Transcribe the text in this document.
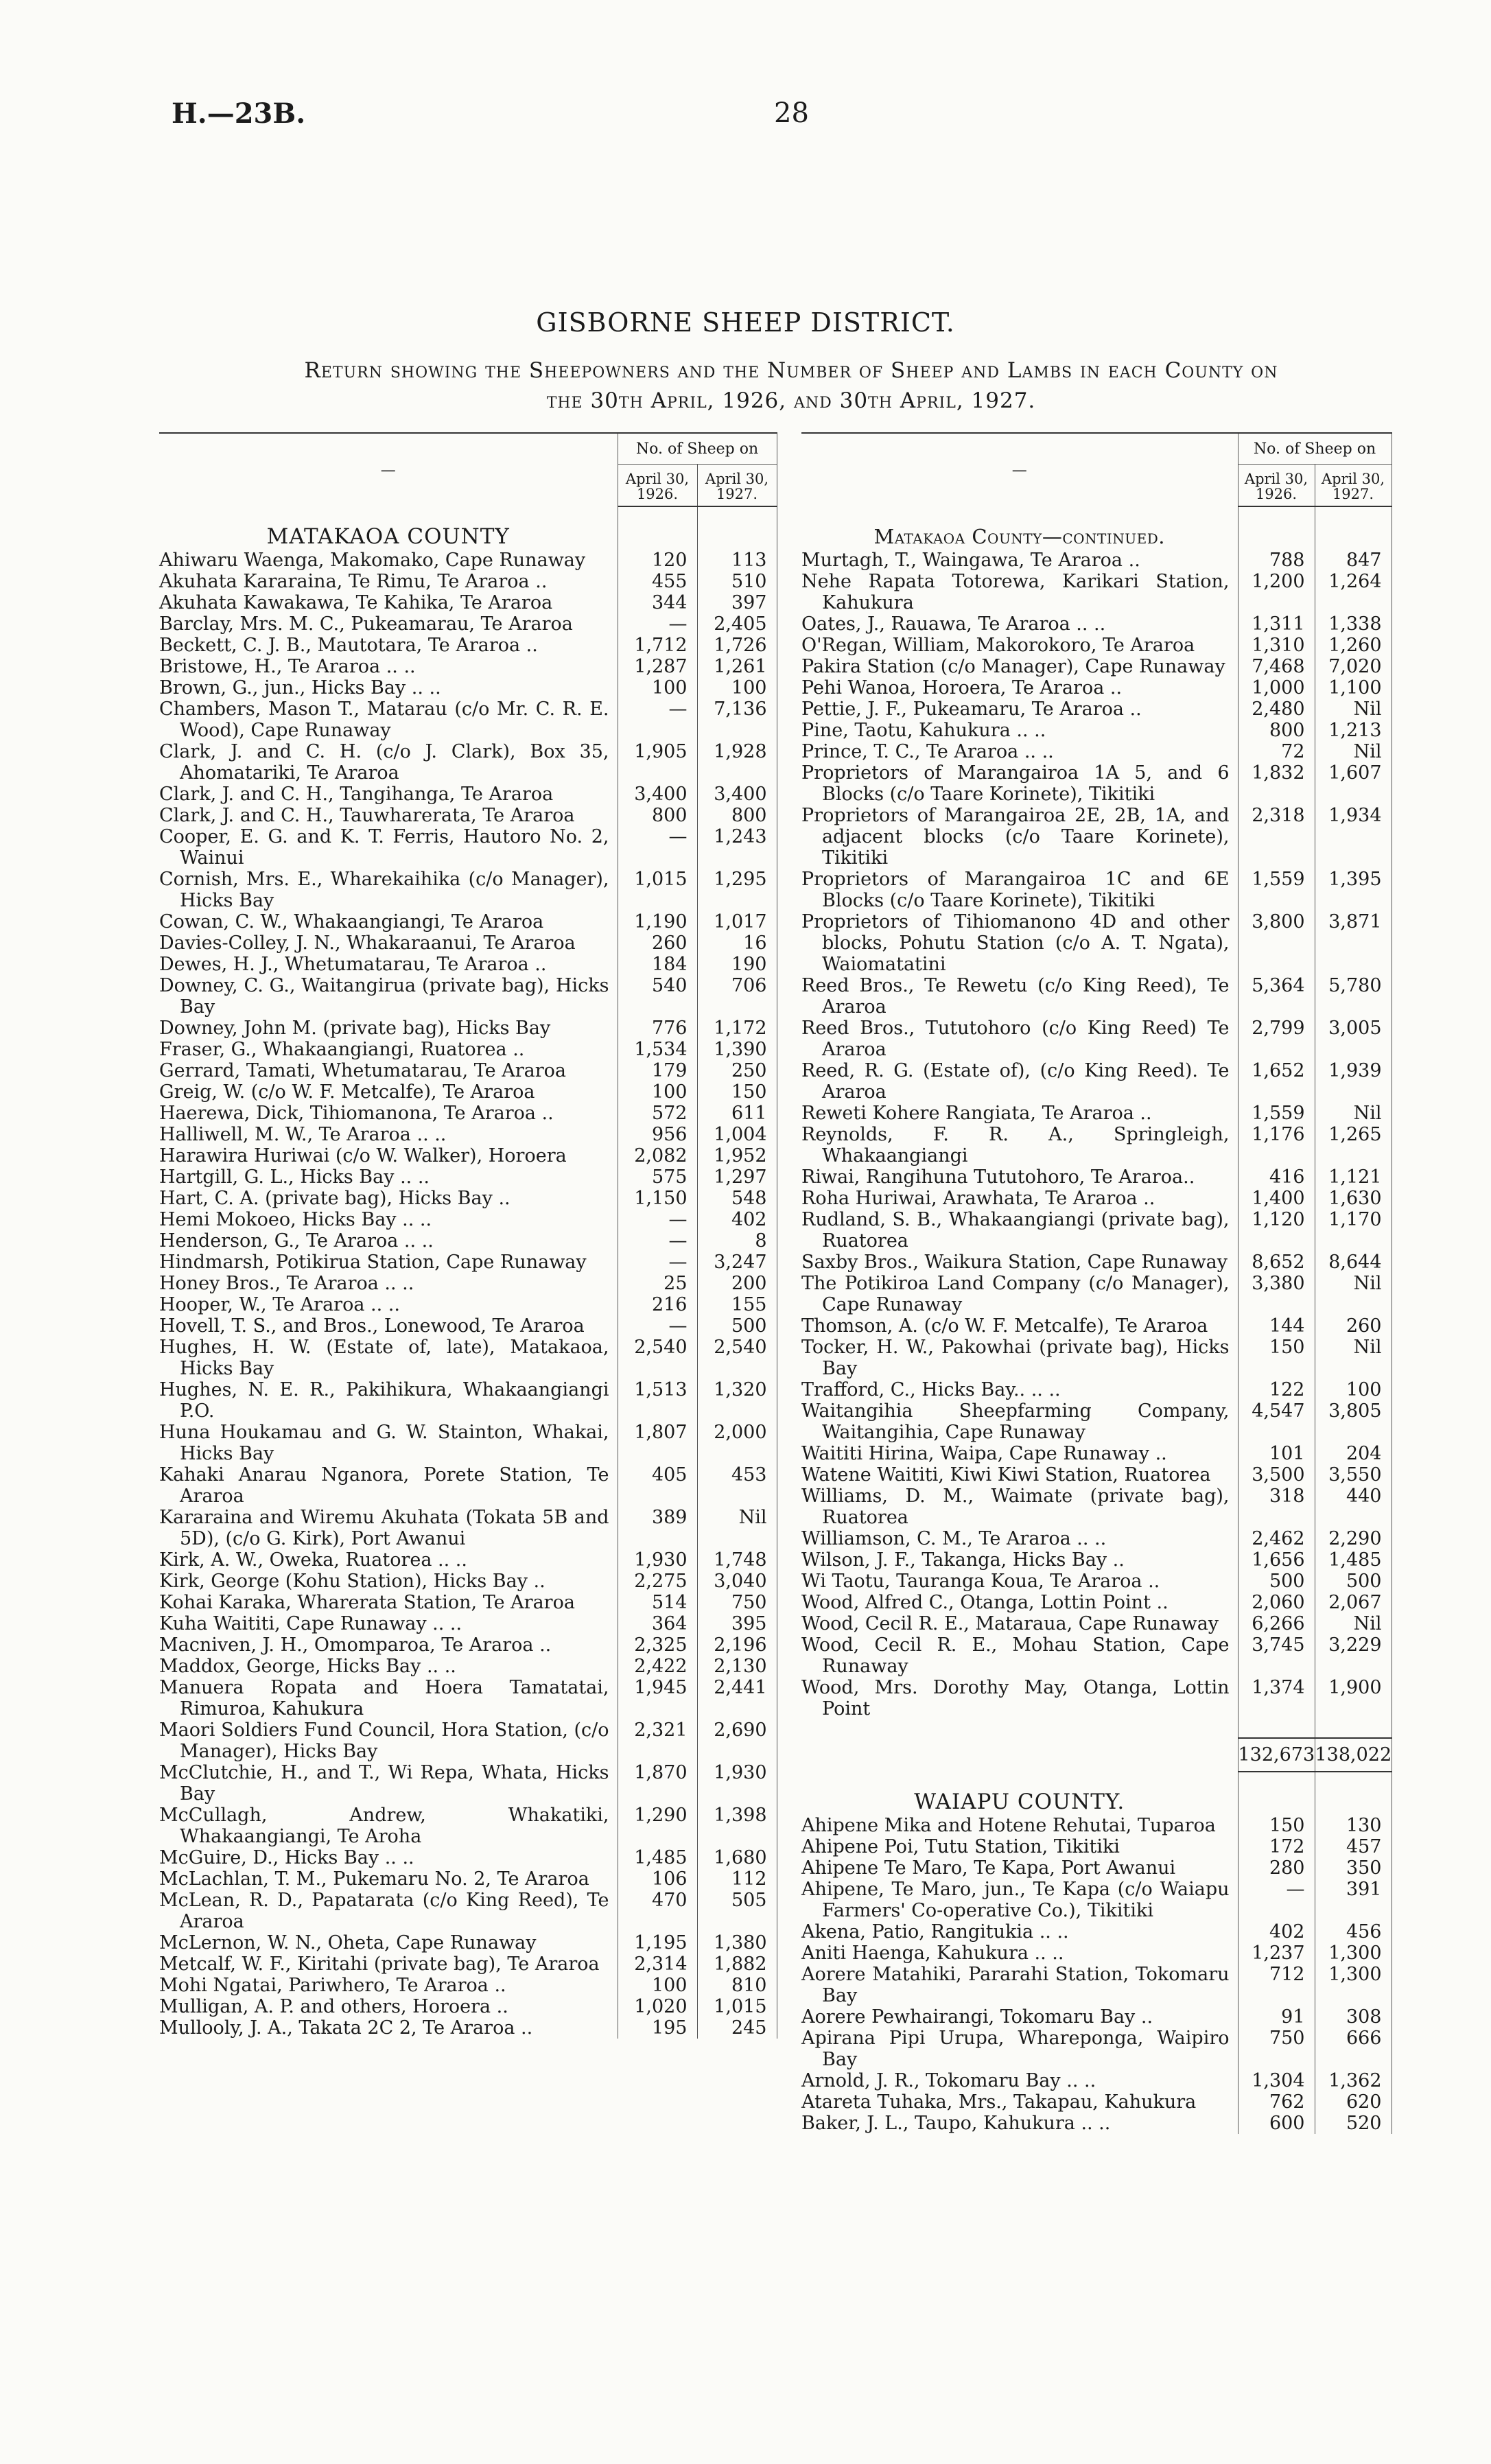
H.—23B.	28
GISBORNE SHEEP DISTRICT.
Return showing the Sheepowners and the Number of Sheep and Lambs in each County on
the 30th April, 1926, and 30th April, 1927.
—	No. of Sheep on	
	April 30, 1926.	April 30, 1927.

MATAKAOA COUNTY		
Ahiwaru Waenga, Makomako, Cape Runaway	120	113
Akuhata Kararaina, Te Rimu, Te Araroa ..	455	510
Akuhata Kawakawa, Te Kahika, Te Araroa	344	397
Barclay, Mrs. M. C., Pukeamarau, Te Araroa	—	2,405
Beckett, C. J. B., Mautotara, Te Araroa ..	1,712	1,726
Bristowe, H., Te Araroa .. ..	1,287	1,261
Brown, G., jun., Hicks Bay .. ..	100	100
Chambers, Mason T., Matarau (c/o Mr. C. R. E. Wood), Cape Runaway	—	7,136
Clark, J. and C. H. (c/o J. Clark), Box 35, Ahomatariki, Te Araroa	1,905	1,928
Clark, J. and C. H., Tangihanga, Te Araroa	3,400	3,400
Clark, J. and C. H., Tauwharerata, Te Araroa	800	800
Cooper, E. G. and K. T. Ferris, Hautoro No. 2, Wainui	—	1,243
Cornish, Mrs. E., Wharekaihika (c/o Manager), Hicks Bay	1,015	1,295
Cowan, C. W., Whakaangiangi, Te Araroa	1,190	1,017
Davies-Colley, J. N., Whakaraanui, Te Araroa	260	16
Dewes, H. J., Whetumatarau, Te Araroa ..	184	190
Downey, C. G., Waitangirua (private bag), Hicks Bay	540	706
Downey, John M. (private bag), Hicks Bay	776	1,172
Fraser, G., Whakaangiangi, Ruatorea ..	1,534	1,390
Gerrard, Tamati, Whetumatarau, Te Araroa	179	250
Greig, W. (c/o W. F. Metcalfe), Te Araroa	100	150
Haerewa, Dick, Tihiomanona, Te Araroa ..	572	611
Halliwell, M. W., Te Araroa .. ..	956	1,004
Harawira Huriwai (c/o W. Walker), Horoera	2,082	1,952
Hartgill, G. L., Hicks Bay .. ..	575	1,297
Hart, C. A. (private bag), Hicks Bay ..	1,150	548
Hemi Mokoeo, Hicks Bay .. ..	—	402
Henderson, G., Te Araroa .. ..	—	8
Hindmarsh, Potikirua Station, Cape Runaway	—	3,247
Honey Bros., Te Araroa .. ..	25	200
Hooper, W., Te Araroa .. ..	216	155
Hovell, T. S., and Bros., Lonewood, Te Araroa	—	500
Hughes, H. W. (Estate of, late), Matakaoa, Hicks Bay	2,540	2,540
Hughes, N. E. R., Pakihikura, Whakaangiangi P.O.	1,513	1,320
Huna Houkamau and G. W. Stainton, Whakai, Hicks Bay	1,807	2,000
Kahaki Anarau Nganora, Porete Station, Te Araroa	405	453
Kararaina and Wiremu Akuhata (Tokata 5B and 5D), (c/o G. Kirk), Port Awanui	389	Nil
Kirk, A. W., Oweka, Ruatorea .. ..	1,930	1,748
Kirk, George (Kohu Station), Hicks Bay ..	2,275	3,040
Kohai Karaka, Wharerata Station, Te Araroa	514	750
Kuha Waititi, Cape Runaway .. ..	364	395
Macniven, J. H., Omomparoa, Te Araroa ..	2,325	2,196
Maddox, George, Hicks Bay .. ..	2,422	2,130
Manuera Ropata and Hoera Tamatatai, Rimuroa, Kahukura	1,945	2,441
Maori Soldiers Fund Council, Hora Station, (c/o Manager), Hicks Bay	2,321	2,690
McClutchie, H., and T., Wi Repa, Whata, Hicks Bay	1,870	1,930
McCullagh, Andrew, Whakatiki, Whakaangiangi, Te Aroha	1,290	1,398
McGuire, D., Hicks Bay .. ..	1,485	1,680
McLachlan, T. M., Pukemaru No. 2, Te Araroa	106	112
McLean, R. D., Papatarata (c/o King Reed), Te Araroa	470	505
McLernon, W. N., Oheta, Cape Runaway	1,195	1,380
Metcalf, W. F., Kiritahi (private bag), Te Araroa	2,314	1,882
Mohi Ngatai, Pariwhero, Te Araroa ..	100	810
Mulligan, A. P. and others, Horoera ..	1,020	1,015
Mullooly, J. A., Takata 2C 2, Te Araroa ..	195	245
—	No. of Sheep on	
	April 30, 1926.	April 30, 1927.

Matakaoa County—continued.		
Murtagh, T., Waingawa, Te Araroa ..	788	847
Nehe Rapata Totorewa, Karikari Station, Kahukura	1,200	1,264
Oates, J., Rauawa, Te Araroa .. ..	1,311	1,338
O'Regan, William, Makorokoro, Te Araroa	1,310	1,260
Pakira Station (c/o Manager), Cape Runaway	7,468	7,020
Pehi Wanoa, Horoera, Te Araroa ..	1,000	1,100
Pettie, J. F., Pukeamaru, Te Araroa ..	2,480	Nil
Pine, Taotu, Kahukura .. ..	800	1,213
Prince, T. C., Te Araroa .. ..	72	Nil
Proprietors of Marangairoa 1A 5, and 6 Blocks (c/o Taare Korinete), Tikitiki	1,832	1,607
Proprietors of Marangairoa 2E, 2B, 1A, and adjacent blocks (c/o Taare Korinete), Tikitiki	2,318	1,934
Proprietors of Marangairoa 1C and 6E Blocks (c/o Taare Korinete), Tikitiki	1,559	1,395
Proprietors of Tihiomanono 4D and other blocks, Pohutu Station (c/o A. T. Ngata), Waiomatatini	3,800	3,871
Reed Bros., Te Rewetu (c/o King Reed), Te Araroa	5,364	5,780
Reed Bros., Tututohoro (c/o King Reed) Te Araroa	2,799	3,005
Reed, R. G. (Estate of), (c/o King Reed). Te Araroa	1,652	1,939
Reweti Kohere Rangiata, Te Araroa ..	1,559	Nil
Reynolds, F. R. A., Springleigh, Whakaangiangi	1,176	1,265
Riwai, Rangihuna Tututohoro, Te Araroa..	416	1,121
Roha Huriwai, Arawhata, Te Araroa ..	1,400	1,630
Rudland, S. B., Whakaangiangi (private bag), Ruatorea	1,120	1,170
Saxby Bros., Waikura Station, Cape Runaway	8,652	8,644
The Potikiroa Land Company (c/o Manager), Cape Runaway	3,380	Nil
Thomson, A. (c/o W. F. Metcalfe), Te Araroa	144	260
Tocker, H. W., Pakowhai (private bag), Hicks Bay	150	Nil
Trafford, C., Hicks Bay.. .. ..	122	100
Waitangihia Sheepfarming Company, Waitangihia, Cape Runaway	4,547	3,805
Waititi Hirina, Waipa, Cape Runaway ..	101	204
Watene Waititi, Kiwi Kiwi Station, Ruatorea	3,500	3,550
Williams, D. M., Waimate (private bag), Ruatorea	318	440
Williamson, C. M., Te Araroa .. ..	2,462	2,290
Wilson, J. F., Takanga, Hicks Bay ..	1,656	1,485
Wi Taotu, Tauranga Koua, Te Araroa ..	500	500
Wood, Alfred C., Otanga, Lottin Point ..	2,060	2,067
Wood, Cecil R. E., Mataraua, Cape Runaway	6,266	Nil
Wood, Cecil R. E., Mohau Station, Cape Runaway	3,745	3,229
Wood, Mrs. Dorothy May, Otanga, Lottin Point	1,374	1,900

	132,673	138,022

WAIAPU COUNTY.		
Ahipene Mika and Hotene Rehutai, Tuparoa	150	130
Ahipene Poi, Tutu Station, Tikitiki	172	457
Ahipene Te Maro, Te Kapa, Port Awanui	280	350
Ahipene, Te Maro, jun., Te Kapa (c/o Waiapu Farmers' Co-operative Co.), Tikitiki	—	391
Akena, Patio, Rangitukia .. ..	402	456
Aniti Haenga, Kahukura .. ..	1,237	1,300
Aorere Matahiki, Pararahi Station, Tokomaru Bay	712	1,300
Aorere Pewhairangi, Tokomaru Bay ..	91	308
Apirana Pipi Urupa, Whareponga, Waipiro Bay	750	666
Arnold, J. R., Tokomaru Bay .. ..	1,304	1,362
Atareta Tuhaka, Mrs., Takapau, Kahukura	762	620
Baker, J. L., Taupo, Kahukura .. ..	600	520
